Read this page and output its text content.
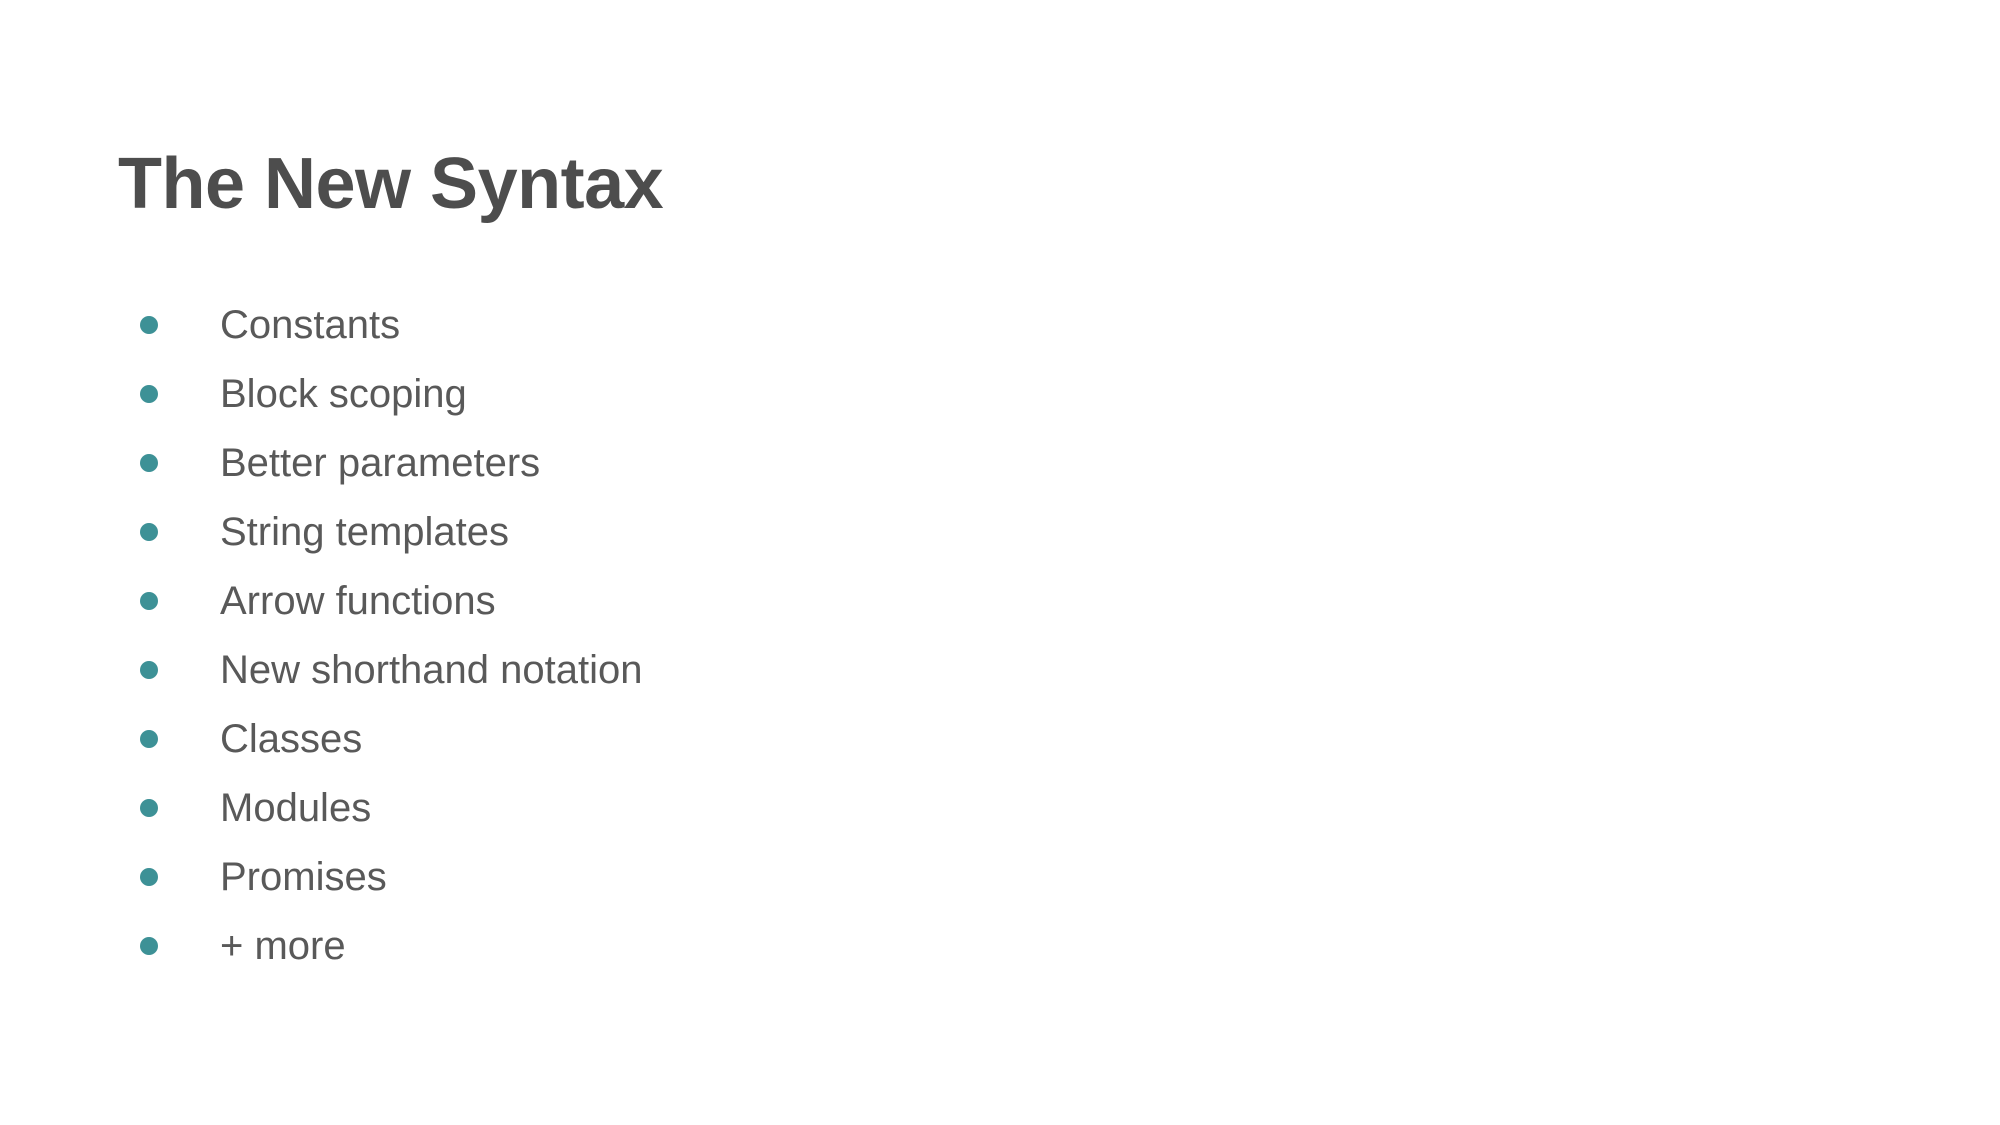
The New Syntax
Constants
Block scoping
Better parameters
String templates
Arrow functions
New shorthand notation
Classes
Modules
Promises
+ more
